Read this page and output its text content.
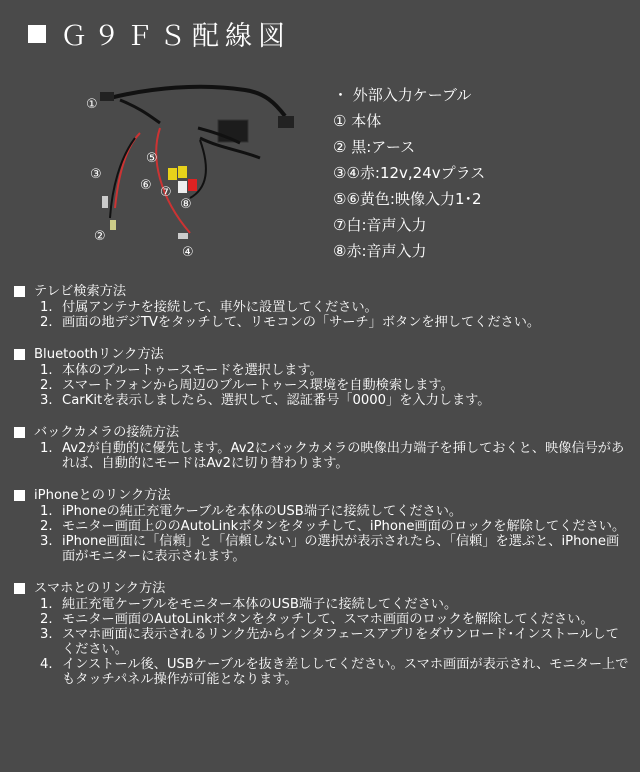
Ｇ９ＦＳ配線図
①
②
③
④
⑤
⑥ ⑦
⑧
・ 外部入力ケーブル
① 本体
② 黒:アース
③④赤:12v,24vプラス
⑤⑥黄色:映像入力1･2
⑦白:音声入力
⑧赤:音声入力
テレビ検索方法
1. 付属アンテナを接続して、車外に設置してください。
2. 画面の地デジTVをタッチして、リモコンの「サーチ」ボタンを押してください。
Bluetoothリンク方法
1. 本体のブルートゥースモードを選択します。
2. スマートフォンから周辺のブルートゥース環境を自動検索します。
3. CarKitを表示しましたら、選択して、認証番号「0000」を入力します。
バックカメラの接続方法
1. Av2が自動的に優先します。Av2にバックカメラの映像出力端子を挿しておくと、映像信号があれば、自動的にモードはAv2に切り替わります。
iPhoneとのリンク方法
1. iPhoneの純正充電ケーブルを本体のUSB端子に接続してください。
2. モニター画面上ののAutoLinkボタンをタッチして、iPhone画面のロックを解除してください。
3. iPhone画面に「信頼」と「信頼しない」の選択が表示されたら、「信頼」を選ぶと、iPhone画面がモニターに表示されます。
スマホとのリンク方法
1. 純正充電ケーブルをモニター本体のUSB端子に接続してください。
2. モニター画面のAutoLinkボタンをタッチして、スマホ画面のロックを解除してください。
3. スマホ画面に表示されるリンク先からインタフェースアプリをダウンロード･インストールしてください。
4. インストール後、USBケーブルを抜き差ししてください。スマホ画面が表示され、モニター上でもタッチパネル操作が可能となります。
